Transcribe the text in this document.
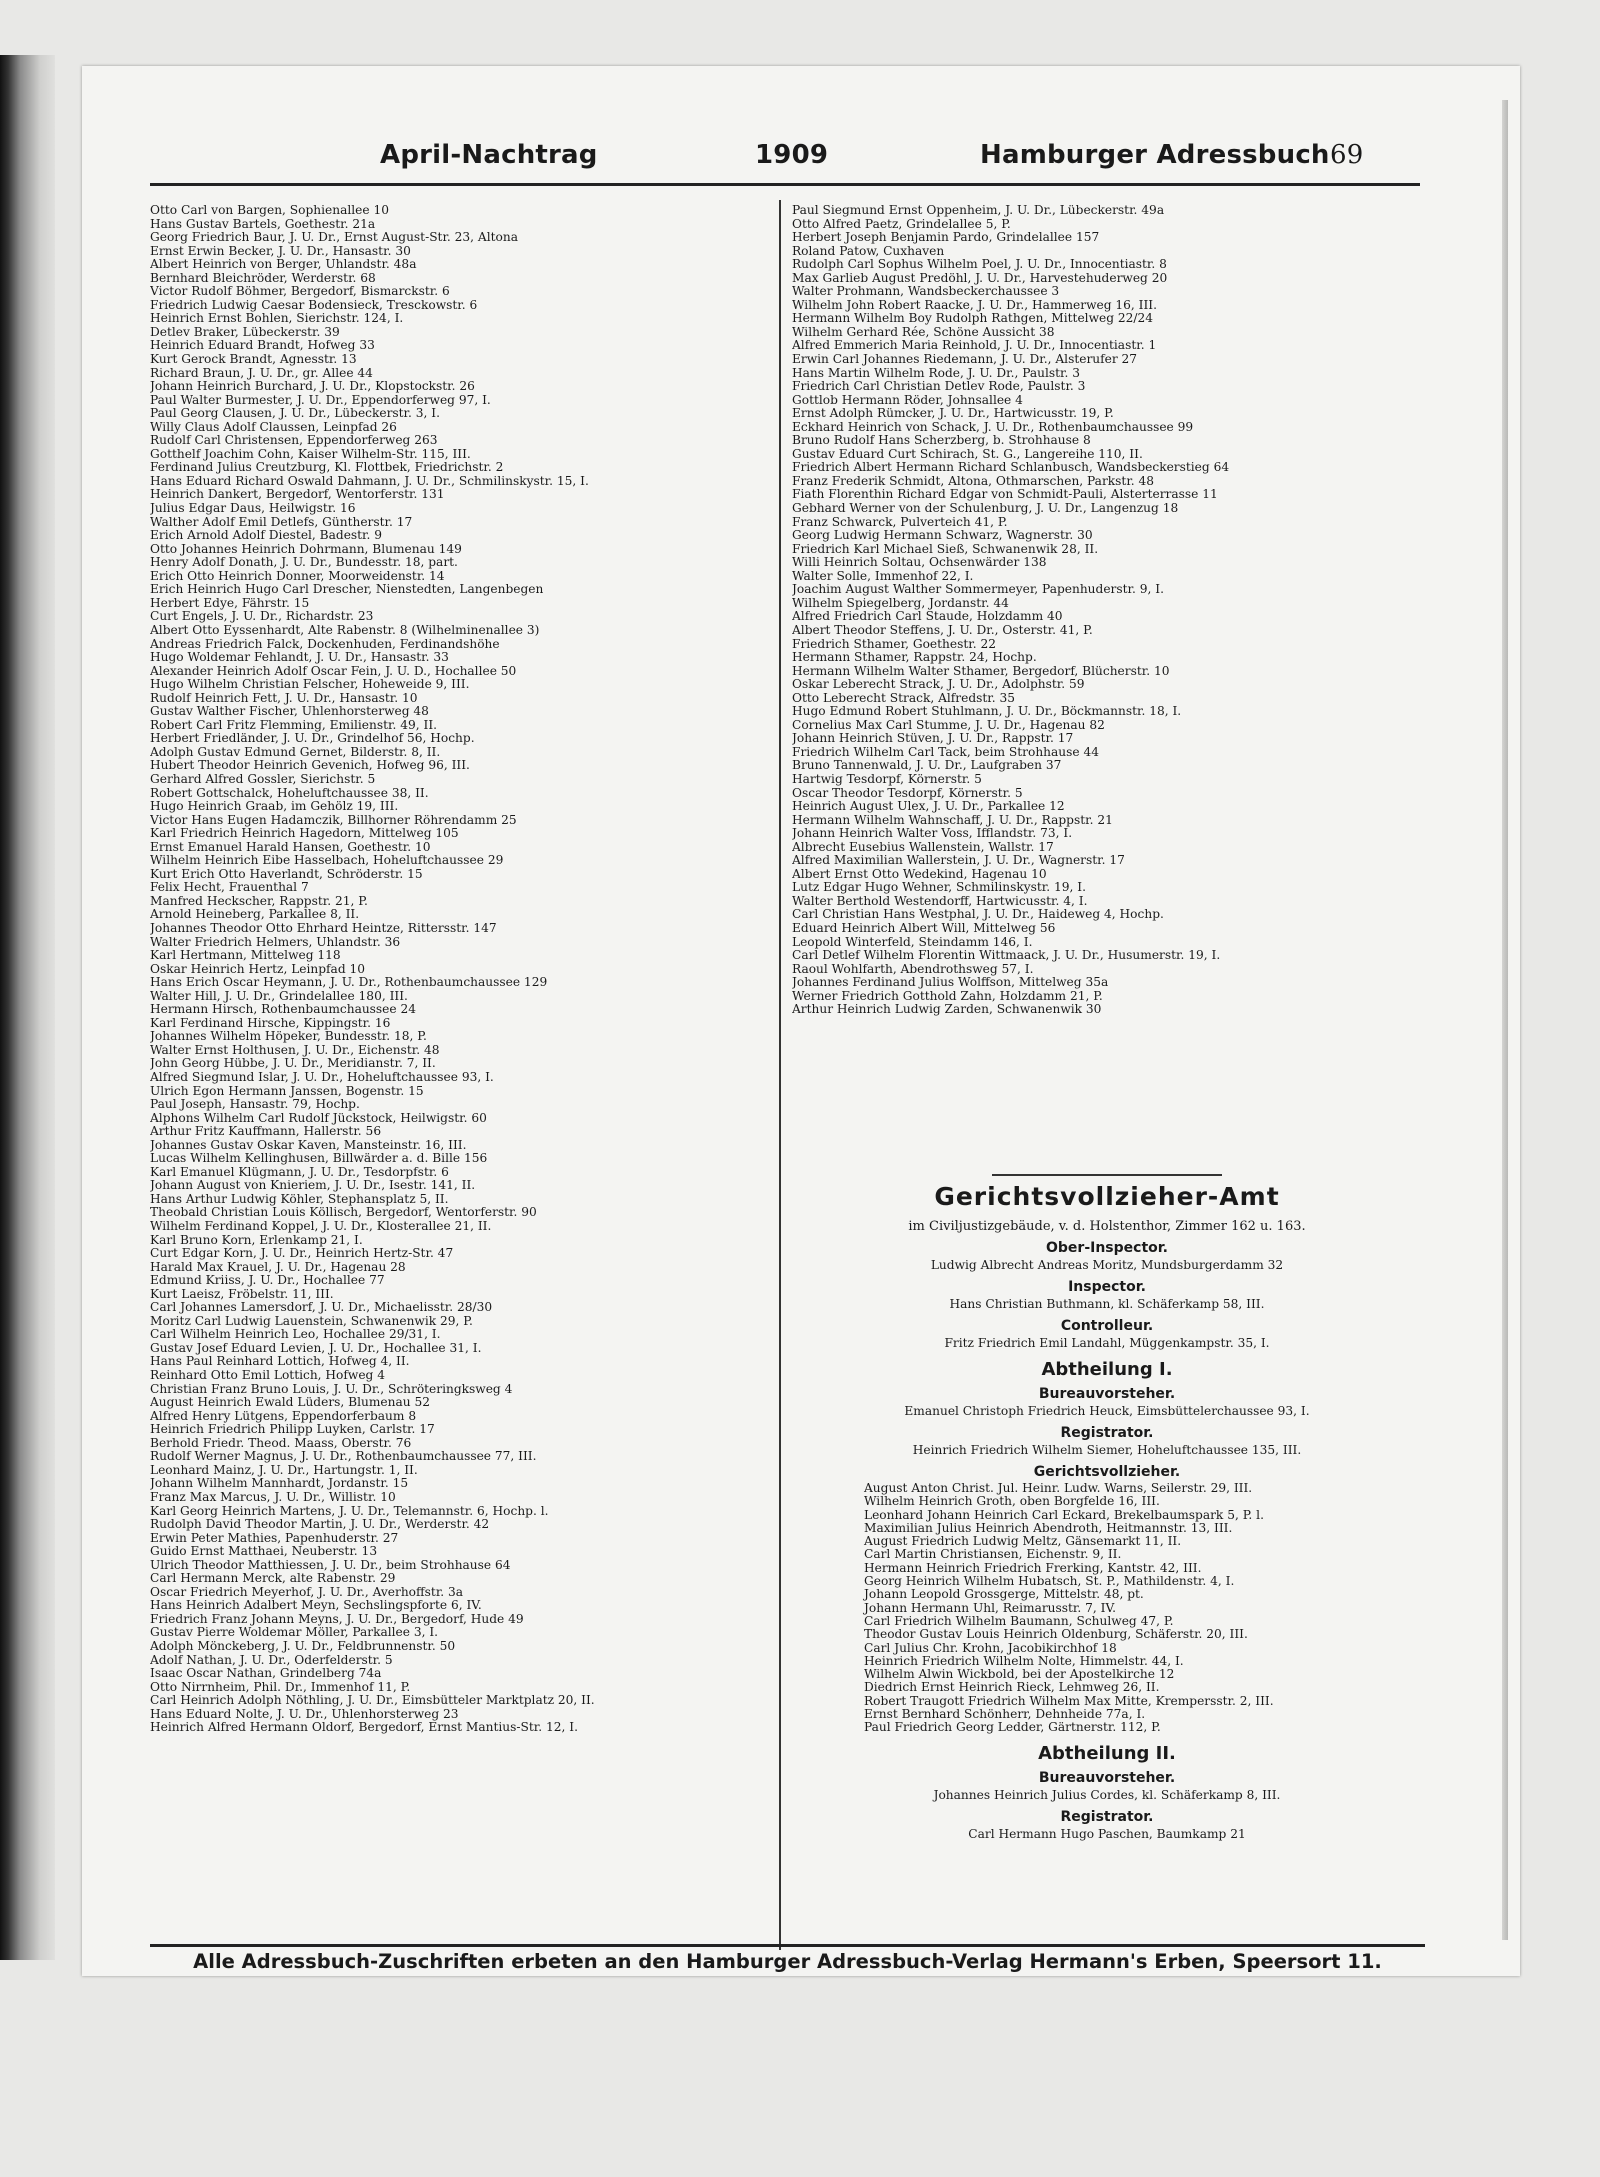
April-Nachtrag	1909	Hamburger Adressbuch 69
Otto Carl von Bargen, Sophienallee 10
Hans Gustav Bartels, Goethestr. 21a
Georg Friedrich Baur, J. U. Dr., Ernst August-Str. 23, Altona
Ernst Erwin Becker, J. U. Dr., Hansastr. 30
Albert Heinrich von Berger, Uhlandstr. 48a
Bernhard Bleichröder, Werderstr. 68
Victor Rudolf Böhmer, Bergedorf, Bismarckstr. 6
Friedrich Ludwig Caesar Bodensieck, Tresckowstr. 6
Heinrich Ernst Bohlen, Sierichstr. 124, I.
Detlev Braker, Lübeckerstr. 39
Heinrich Eduard Brandt, Hofweg 33
Kurt Gerock Brandt, Agnesstr. 13
Richard Braun, J. U. Dr., gr. Allee 44
Johann Heinrich Burchard, J. U. Dr., Klopstockstr. 26
Paul Walter Burmester, J. U. Dr., Eppendorferweg 97, I.
Paul Georg Clausen, J. U. Dr., Lübeckerstr. 3, I.
Willy Claus Adolf Claussen, Leinpfad 26
Rudolf Carl Christensen, Eppendorferweg 263
Gotthelf Joachim Cohn, Kaiser Wilhelm-Str. 115, III.
Ferdinand Julius Creutzburg, Kl. Flottbek, Friedrichstr. 2
Hans Eduard Richard Oswald Dahmann, J. U. Dr., Schmilinskystr. 15, I.
Heinrich Dankert, Bergedorf, Wentorferstr. 131
Julius Edgar Daus, Heilwigstr. 16
Walther Adolf Emil Detlefs, Güntherstr. 17
Erich Arnold Adolf Diestel, Badestr. 9
Otto Johannes Heinrich Dohrmann, Blumenau 149
Henry Adolf Donath, J. U. Dr., Bundesstr. 18, part.
Erich Otto Heinrich Donner, Moorweidenstr. 14
Erich Heinrich Hugo Carl Drescher, Nienstedten, Langenbegen
Herbert Edye, Fährstr. 15
Curt Engels, J. U. Dr., Richardstr. 23
Albert Otto Eyssenhardt, Alte Rabenstr. 8 (Wilhelminenallee 3)
Andreas Friedrich Falck, Dockenhuden, Ferdinandshöhe
Hugo Woldemar Fehlandt, J. U. Dr., Hansastr. 33
Alexander Heinrich Adolf Oscar Fein, J. U. D., Hochallee 50
Hugo Wilhelm Christian Felscher, Hoheweide 9, III.
Rudolf Heinrich Fett, J. U. Dr., Hansastr. 10
Gustav Walther Fischer, Uhlenhorsterweg 48
Robert Carl Fritz Flemming, Emilienstr. 49, II.
Herbert Friedländer, J. U. Dr., Grindelhof 56, Hochp.
Adolph Gustav Edmund Gernet, Bilderstr. 8, II.
Hubert Theodor Heinrich Gevenich, Hofweg 96, III.
Gerhard Alfred Gossler, Sierichstr. 5
Robert Gottschalck, Hoheluftchaussee 38, II.
Hugo Heinrich Graab, im Gehölz 19, III.
Victor Hans Eugen Hadamczik, Billhorner Röhrendamm 25
Karl Friedrich Heinrich Hagedorn, Mittelweg 105
Ernst Emanuel Harald Hansen, Goethestr. 10
Wilhelm Heinrich Eibe Hasselbach, Hoheluftchaussee 29
Kurt Erich Otto Haverlandt, Schröderstr. 15
Felix Hecht, Frauenthal 7
Manfred Heckscher, Rappstr. 21, P.
Arnold Heineberg, Parkallee 8, II.
Johannes Theodor Otto Ehrhard Heintze, Rittersstr. 147
Walter Friedrich Helmers, Uhlandstr. 36
Karl Hertmann, Mittelweg 118
Oskar Heinrich Hertz, Leinpfad 10
Hans Erich Oscar Heymann, J. U. Dr., Rothenbaumchaussee 129
Walter Hill, J. U. Dr., Grindelallee 180, III.
Hermann Hirsch, Rothenbaumchaussee 24
Karl Ferdinand Hirsche, Kippingstr. 16
Johannes Wilhelm Höpeker, Bundesstr. 18, P.
Walter Ernst Holthusen, J. U. Dr., Eichenstr. 48
John Georg Hübbe, J. U. Dr., Meridianstr. 7, II.
Alfred Siegmund Islar, J. U. Dr., Hoheluftchaussee 93, I.
Ulrich Egon Hermann Janssen, Bogenstr. 15
Paul Joseph, Hansastr. 79, Hochp.
Alphons Wilhelm Carl Rudolf Jückstock, Heilwigstr. 60
Arthur Fritz Kauffmann, Hallerstr. 56
Johannes Gustav Oskar Kaven, Mansteinstr. 16, III.
Lucas Wilhelm Kellinghusen, Billwärder a. d. Bille 156
Karl Emanuel Klügmann, J. U. Dr., Tesdorpfstr. 6
Johann August von Knieriem, J. U. Dr., Isestr. 141, II.
Hans Arthur Ludwig Köhler, Stephansplatz 5, II.
Theobald Christian Louis Köllisch, Bergedorf, Wentorferstr. 90
Wilhelm Ferdinand Koppel, J. U. Dr., Klosterallee 21, II.
Karl Bruno Korn, Erlenkamp 21, I.
Curt Edgar Korn, J. U. Dr., Heinrich Hertz-Str. 47
Harald Max Krauel, J. U. Dr., Hagenau 28
Edmund Kriiss, J. U. Dr., Hochallee 77
Kurt Laeisz, Fröbelstr. 11, III.
Carl Johannes Lamersdorf, J. U. Dr., Michaelisstr. 28/30
Moritz Carl Ludwig Lauenstein, Schwanenwik 29, P.
Carl Wilhelm Heinrich Leo, Hochallee 29/31, I.
Gustav Josef Eduard Levien, J. U. Dr., Hochallee 31, I.
Hans Paul Reinhard Lottich, Hofweg 4, II.
Reinhard Otto Emil Lottich, Hofweg 4
Christian Franz Bruno Louis, J. U. Dr., Schröteringksweg 4
August Heinrich Ewald Lüders, Blumenau 52
Alfred Henry Lütgens, Eppendorferbaum 8
Heinrich Friedrich Philipp Luyken, Carlstr. 17
Berhold Friedr. Theod. Maass, Oberstr. 76
Rudolf Werner Magnus, J. U. Dr., Rothenbaumchaussee 77, III.
Leonhard Mainz, J. U. Dr., Hartungstr. 1, II.
Johann Wilhelm Mannhardt, Jordanstr. 15
Franz Max Marcus, J. U. Dr., Willistr. 10
Karl Georg Heinrich Martens, J. U. Dr., Telemannstr. 6, Hochp. l.
Rudolph David Theodor Martin, J. U. Dr., Werderstr. 42
Erwin Peter Mathies, Papenhuderstr. 27
Guido Ernst Matthaei, Neuberstr. 13
Ulrich Theodor Matthiessen, J. U. Dr., beim Strohhause 64
Carl Hermann Merck, alte Rabenstr. 29
Oscar Friedrich Meyerhof, J. U. Dr., Averhoffstr. 3a
Hans Heinrich Adalbert Meyn, Sechslingspforte 6, IV.
Friedrich Franz Johann Meyns, J. U. Dr., Bergedorf, Hude 49
Gustav Pierre Woldemar Möller, Parkallee 3, I.
Adolph Mönckeberg, J. U. Dr., Feldbrunnenstr. 50
Adolf Nathan, J. U. Dr., Oderfelderstr. 5
Isaac Oscar Nathan, Grindelberg 74a
Otto Nirrnheim, Phil. Dr., Immenhof 11, P.
Carl Heinrich Adolph Nöthling, J. U. Dr., Eimsbütteler Marktplatz 20, II.
Hans Eduard Nolte, J. U. Dr., Uhlenhorsterweg 23
Heinrich Alfred Hermann Oldorf, Bergedorf, Ernst Mantius-Str. 12, I.
Paul Siegmund Ernst Oppenheim, J. U. Dr., Lübeckerstr. 49a
Otto Alfred Paetz, Grindelallee 5, P.
Herbert Joseph Benjamin Pardo, Grindelallee 157
Roland Patow, Cuxhaven
Rudolph Carl Sophus Wilhelm Poel, J. U. Dr., Innocentiastr. 8
Max Garlieb August Predöhl, J. U. Dr., Harvestehuderweg 20
Walter Prohmann, Wandsbeckerchaussee 3
Wilhelm John Robert Raacke, J. U. Dr., Hammerweg 16, III.
Hermann Wilhelm Boy Rudolph Rathgen, Mittelweg 22/24
Wilhelm Gerhard Rée, Schöne Aussicht 38
Alfred Emmerich Maria Reinhold, J. U. Dr., Innocentiastr. 1
Erwin Carl Johannes Riedemann, J. U. Dr., Alsterufer 27
Hans Martin Wilhelm Rode, J. U. Dr., Paulstr. 3
Friedrich Carl Christian Detlev Rode, Paulstr. 3
Gottlob Hermann Röder, Johnsallee 4
Ernst Adolph Rümcker, J. U. Dr., Hartwicusstr. 19, P.
Eckhard Heinrich von Schack, J. U. Dr., Rothenbaumchaussee 99
Bruno Rudolf Hans Scherzberg, b. Strohhause 8
Gustav Eduard Curt Schirach, St. G., Langereihe 110, II.
Friedrich Albert Hermann Richard Schlanbusch, Wandsbeckerstieg 64
Franz Frederik Schmidt, Altona, Othmarschen, Parkstr. 48
Fiath Florenthin Richard Edgar von Schmidt-Pauli, Alsterterrasse 11
Gebhard Werner von der Schulenburg, J. U. Dr., Langenzug 18
Franz Schwarck, Pulverteich 41, P.
Georg Ludwig Hermann Schwarz, Wagnerstr. 30
Friedrich Karl Michael Sieß, Schwanenwik 28, II.
Willi Heinrich Soltau, Ochsenwärder 138
Walter Solle, Immenhof 22, I.
Joachim August Walther Sommermeyer, Papenhuderstr. 9, I.
Wilhelm Spiegelberg, Jordanstr. 44
Alfred Friedrich Carl Staude, Holzdamm 40
Albert Theodor Steffens, J. U. Dr., Osterstr. 41, P.
Friedrich Sthamer, Goethestr. 22
Hermann Sthamer, Rappstr. 24, Hochp.
Hermann Wilhelm Walter Sthamer, Bergedorf, Blücherstr. 10
Oskar Leberecht Strack, J. U. Dr., Adolphstr. 59
Otto Leberecht Strack, Alfredstr. 35
Hugo Edmund Robert Stuhlmann, J. U. Dr., Böckmannstr. 18, I.
Cornelius Max Carl Stumme, J. U. Dr., Hagenau 82
Johann Heinrich Stüven, J. U. Dr., Rappstr. 17
Friedrich Wilhelm Carl Tack, beim Strohhause 44
Bruno Tannenwald, J. U. Dr., Laufgraben 37
Hartwig Tesdorpf, Körnerstr. 5
Oscar Theodor Tesdorpf, Körnerstr. 5
Heinrich August Ulex, J. U. Dr., Parkallee 12
Hermann Wilhelm Wahnschaff, J. U. Dr., Rappstr. 21
Johann Heinrich Walter Voss, Ifflandstr. 73, I.
Albrecht Eusebius Wallenstein, Wallstr. 17
Alfred Maximilian Wallerstein, J. U. Dr., Wagnerstr. 17
Albert Ernst Otto Wedekind, Hagenau 10
Lutz Edgar Hugo Wehner, Schmilinskystr. 19, I.
Walter Berthold Westendorff, Hartwicusstr. 4, I.
Carl Christian Hans Westphal, J. U. Dr., Haideweg 4, Hochp.
Eduard Heinrich Albert Will, Mittelweg 56
Leopold Winterfeld, Steindamm 146, I.
Carl Detlef Wilhelm Florentin Wittmaack, J. U. Dr., Husumerstr. 19, I.
Raoul Wohlfarth, Abendrothsweg 57, I.
Johannes Ferdinand Julius Wolffson, Mittelweg 35a
Werner Friedrich Gotthold Zahn, Holzdamm 21, P.
Arthur Heinrich Ludwig Zarden, Schwanenwik 30
Gerichtsvollzieher-Amt
im Civiljustizgebäude, v. d. Holstenthor, Zimmer 162 u. 163.
Ober-Inspector.
Ludwig Albrecht Andreas Moritz, Mundsburgerdamm 32
Inspector.
Hans Christian Buthmann, kl. Schäferkamp 58, III.
Controlleur.
Fritz Friedrich Emil Landahl, Müggenkampstr. 35, I.
Abtheilung I.
Bureauvorsteher.
Emanuel Christoph Friedrich Heuck, Eimsbüttelerchaussee 93, I.
Registrator.
Heinrich Friedrich Wilhelm Siemer, Hoheluftchaussee 135, III.
Gerichtsvollzieher.
August Anton Christ. Jul. Heinr. Ludw. Warns, Seilerstr. 29, III.
Wilhelm Heinrich Groth, oben Borgfelde 16, III.
Leonhard Johann Heinrich Carl Eckard, Brekelbaumspark 5, P. l.
Maximilian Julius Heinrich Abendroth, Heitmannstr. 13, III.
August Friedrich Ludwig Meltz, Gänsemarkt 11, II.
Carl Martin Christiansen, Eichenstr. 9, II.
Hermann Heinrich Friedrich Frerking, Kantstr. 42, III.
Georg Heinrich Wilhelm Hubatsch, St. P., Mathildenstr. 4, I.
Johann Leopold Grossgerge, Mittelstr. 48, pt.
Johann Hermann Uhl, Reimarusstr. 7, IV.
Carl Friedrich Wilhelm Baumann, Schulweg 47, P.
Theodor Gustav Louis Heinrich Oldenburg, Schäferstr. 20, III.
Carl Julius Chr. Krohn, Jacobikirchhof 18
Heinrich Friedrich Wilhelm Nolte, Himmelstr. 44, I.
Wilhelm Alwin Wickbold, bei der Apostelkirche 12
Diedrich Ernst Heinrich Rieck, Lehmweg 26, II.
Robert Traugott Friedrich Wilhelm Max Mitte, Krempersstr. 2, III.
Ernst Bernhard Schönherr, Dehnheide 77a, I.
Paul Friedrich Georg Ledder, Gärtnerstr. 112, P.
Abtheilung II.
Bureauvorsteher.
Johannes Heinrich Julius Cordes, kl. Schäferkamp 8, III.
Registrator.
Carl Hermann Hugo Paschen, Baumkamp 21
Alle Adressbuch-Zuschriften erbeten an den Hamburger Adressbuch-Verlag Hermann's Erben, Speersort 11.
